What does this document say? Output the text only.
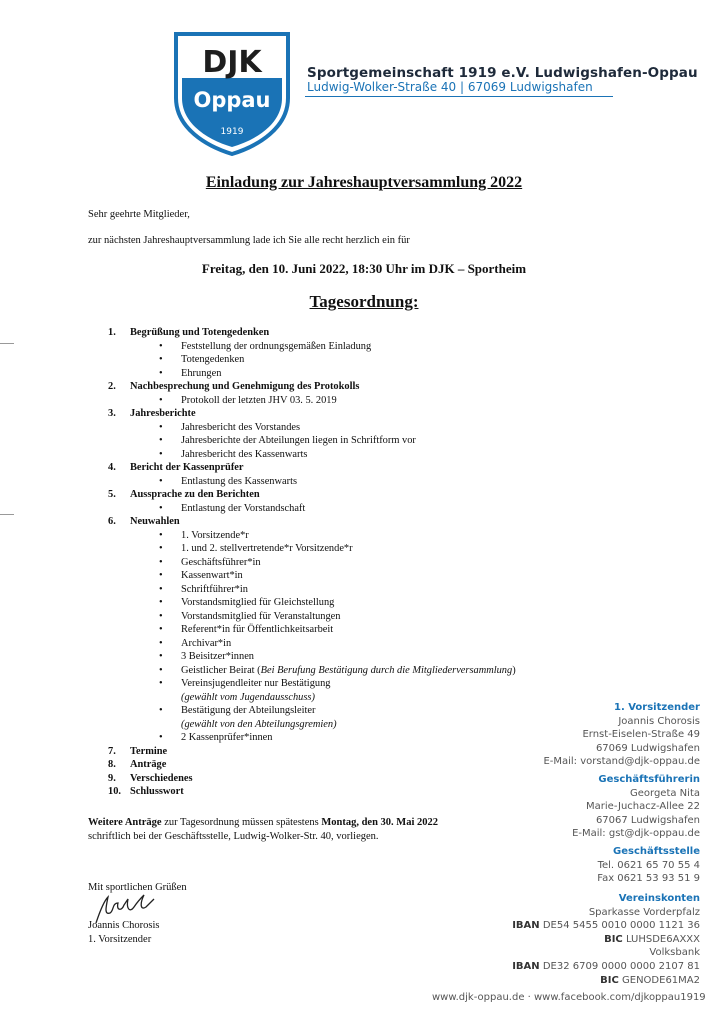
DJK
Oppau
1919
Sportgemeinschaft 1919 e.V. Ludwigshafen-Oppau
Ludwig-Wolker-Straße 40 | 67069 Ludwigshafen
Einladung zur Jahreshauptversammlung 2022
Sehr geehrte Mitglieder,
zur nächsten Jahreshauptversammlung lade ich Sie alle recht herzlich ein für
Freitag, den 10. Juni 2022, 18:30 Uhr im DJK – Sportheim
Tagesordnung:
1.	Begrüßung und Totengedenken
• Feststellung der ordnungsgemäßen Einladung
• Totengedenken
• Ehrungen
2.	Nachbesprechung und Genehmigung des Protokolls
• Protokoll der letzten JHV 03. 5. 2019
3.	Jahresberichte
• Jahresbericht des Vorstandes
• Jahresberichte der Abteilungen liegen in Schriftform vor
• Jahresbericht des Kassenwarts
4.	Bericht der Kassenprüfer
• Entlastung des Kassenwarts
5.	Aussprache zu den Berichten
• Entlastung der Vorstandschaft
6.	Neuwahlen
• 1. Vorsitzende*r
• 1. und 2. stellvertretende*r Vorsitzende*r
• Geschäftsführer*in
• Kassenwart*in
• Schriftführer*in
• Vorstandsmitglied für Gleichstellung
• Vorstandsmitglied für Veranstaltungen
• Referent*in für Öffentlichkeitsarbeit
• Archivar*in
• 3 Beisitzer*innen
• Geistlicher Beirat (Bei Berufung Bestätigung durch die Mitgliederversammlung)
• Vereinsjugendleiter nur Bestätigung
(gewählt vom Jugendausschuss)
• Bestätigung der Abteilungsleiter
(gewählt von den Abteilungsgremien)
• 2 Kassenprüfer*innen
7.	Termine
8.	Anträge
9.	Verschiedenes
10. Schlusswort
Weitere Anträge zur Tagesordnung müssen spätestens Montag, den 30. Mai 2022
schriftlich bei der Geschäftsstelle, Ludwig-Wolker-Str. 40, vorliegen.
Mit sportlichen Grüßen
Joannis Chorosis
1. Vorsitzender
1. Vorsitzender
Joannis Chorosis
Ernst-Eiselen-Straße 49
67069 Ludwigshafen
E-Mail: vorstand@djk-oppau.de
Geschäftsführerin
Georgeta Nita
Marie-Juchacz-Allee 22
67067 Ludwigshafen
E-Mail: gst@djk-oppau.de
Geschäftsstelle
Tel. 0621 65 70 55 4
Fax 0621 53 93 51 9
Vereinskonten
Sparkasse Vorderpfalz
IBAN DE54 5455 0010 0000 1121 36
BIC LUHSDE6AXXX
Volksbank
IBAN DE32 6709 0000 0000 2107 81
BIC GENODE61MA2
www.djk-oppau.de · www.facebook.com/djkoppau1919
